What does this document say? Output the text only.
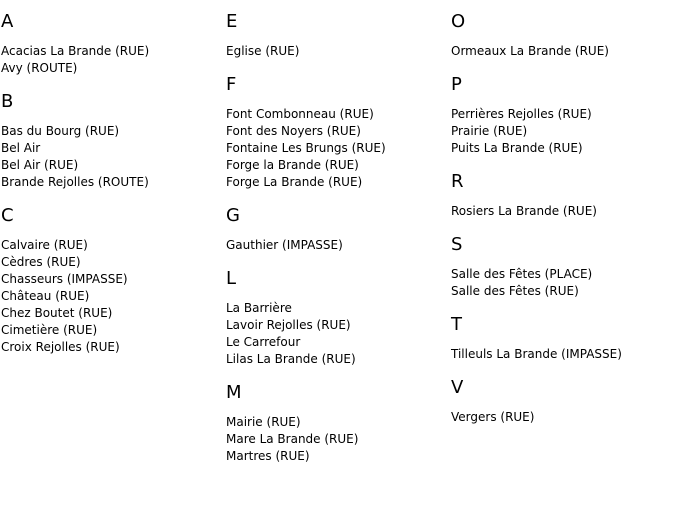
A
Acacias La Brande (RUE)
Avy (ROUTE)
B
Bas du Bourg (RUE)
Bel Air
Bel Air (RUE)
Brande Rejolles (ROUTE)
C
Calvaire (RUE)
Cèdres (RUE)
Chasseurs (IMPASSE)
Château (RUE)
Chez Boutet (RUE)
Cimetière (RUE)
Croix Rejolles (RUE)
E
Eglise (RUE)
F
Font Combonneau (RUE)
Font des Noyers (RUE)
Fontaine Les Brungs (RUE)
Forge la Brande (RUE)
Forge La Brande (RUE)
G
Gauthier (IMPASSE)
L
La Barrière
Lavoir Rejolles (RUE)
Le Carrefour
Lilas La Brande (RUE)
M
Mairie (RUE)
Mare La Brande (RUE)
Martres (RUE)
O
Ormeaux La Brande (RUE)
P
Perrières Rejolles (RUE)
Prairie (RUE)
Puits La Brande (RUE)
R
Rosiers La Brande (RUE)
S
Salle des Fêtes (PLACE)
Salle des Fêtes (RUE)
T
Tilleuls La Brande (IMPASSE)
V
Vergers (RUE)
